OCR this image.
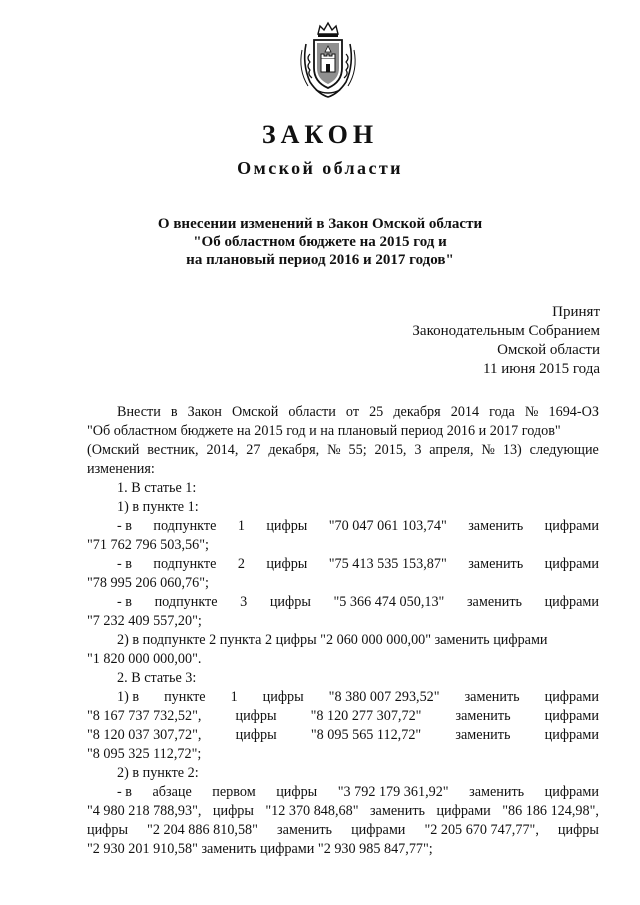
ЗАКОН
Омской области
О внесении изменений в Закон Омской области
"Об областном бюджете на 2015 год и
на плановый период 2016 и 2017 годов"
Принят
Законодательным Собранием
Омской области
11 июня 2015 года
Внести в Закон Омской области от 25 декабря 2014 года № 1694-ОЗ
"Об областном бюджете на 2015 год и на плановый период 2016 и 2017 годов"
(Омский вестник, 2014, 27 декабря, № 55; 2015, 3 апреля, № 13) следующие
изменения:
1. В статье 1:
1) в пункте 1:
- в подпункте 1 цифры "70 047 061 103,74" заменить цифрами
"71 762 796 503,56";
- в подпункте 2 цифры "75 413 535 153,87" заменить цифрами
"78 995 206 060,76";
- в подпункте 3 цифры "5 366 474 050,13" заменить цифрами
"7 232 409 557,20";
2) в подпункте 2 пункта 2 цифры "2 060 000 000,00" заменить цифрами
"1 820 000 000,00".
2. В статье 3:
1) в пункте 1 цифры "8 380 007 293,52" заменить цифрами
"8 167 737 732,52", цифры "8 120 277 307,72" заменить цифрами
"8 120 037 307,72", цифры "8 095 565 112,72" заменить цифрами
"8 095 325 112,72";
2) в пункте 2:
- в абзаце первом цифры "3 792 179 361,92" заменить цифрами
"4 980 218 788,93", цифры "12 370 848,68" заменить цифрами "86 186 124,98",
цифры "2 204 886 810,58" заменить цифрами "2 205 670 747,77", цифры
"2 930 201 910,58" заменить цифрами "2 930 985 847,77";
